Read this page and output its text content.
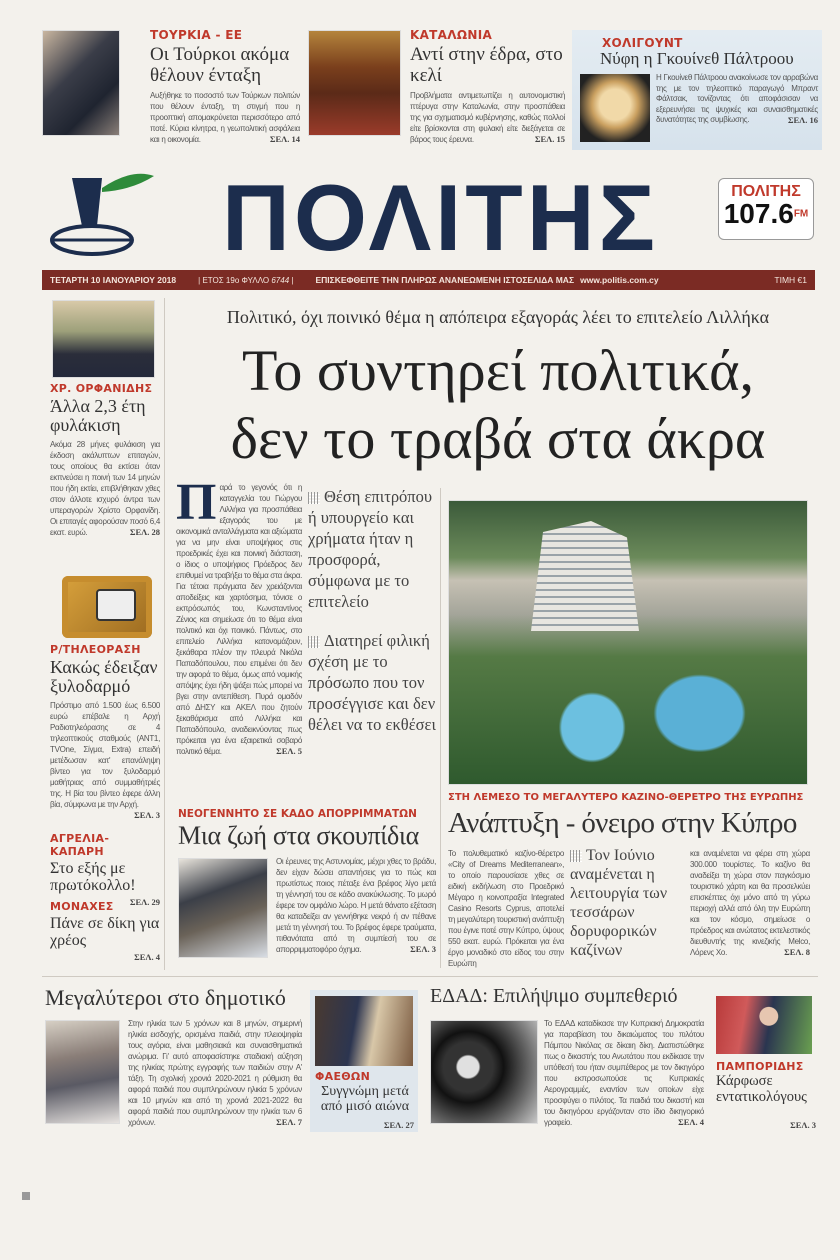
ΤΟΥΡΚΙΑ - ΕΕ
Οι Τούρκοι ακόμα θέλουν ένταξη
Αυξήθηκε το ποσοστό των Τούρκων πολιτών που θέλουν ένταξη, τη στιγμή που η προοπτική απομακρύνεται περισσότερο από ποτέ. Κύρια κίνητρα, η γεωπολιτική ασφάλεια και η οικονομία.	ΣΕΛ. 14
ΚΑΤΑΛΩΝΙΑ
Αντί στην έδρα, στο κελί
Προβλήματα αντιμετωπίζει η αυτονομιστική πτέρυγα στην Καταλωνία, στην προσπάθεια της για σχηματισμό κυβέρνησης, καθώς πολλοί είτε βρίσκονται στη φυλακή είτε διεξάγεται σε βάρος τους έρευνα.	ΣΕΛ. 15
ΧΟΛΙΓΟΥΝΤ
Νύφη η Γκουίνεθ Πάλτροου
Η Γκουίνεθ Πάλτροου ανακοίνωσε τον αρραβώνα της με τον τηλεοπτικό παραγωγό Μπραντ Φάλτσακ, τονίζοντας ότι αποφάσισαν να εξερευνήσει τις ψυχικές και συναισθηματικές δυνατότητες της συμβίωσης.	ΣΕΛ. 16
ΠΟΛΙΤΗΣ	ΠΟΛΙΤΗΣ
$107.6^{FM}$
ΤΕΤΑΡΤΗ 10 ΙΑΝΟΥΑΡΙΟΥ 2018	| ΕΤΟΣ 19ο ΦΥΛΛΟ 6744 |	ΕΠΙΣΚΕΦΘΕΙΤΕ ΤΗΝ ΠΛΗΡΩΣ ΑΝΑΝΕΩΜΕΝΗ ΙΣΤΟΣΕΛΙΔΑ ΜΑΣ www.politis.com.cy	ΤΙΜΗ €1
ΧΡ. ΟΡΦΑΝΙΔΗΣ
Άλλα 2,3 έτη φυλάκιση
Ακόμα 28 μήνες φυλάκιση για έκδοση ακάλυπτων επιταγών, τους οποίους θα εκτίσει όταν εκπνεύσει η ποινή των 14 μηνών που ήδη εκτίει, επιβλήθηκαν χθες στον άλλοτε ισχυρό άντρα των υπεραγορών Χρίστο Ορφανίδη. Οι επιταγές αφορούσαν ποσό 6,4 εκατ. ευρώ.	ΣΕΛ. 28
Ρ/ΤΗΛΕΟΡΑΣΗ
Κακώς έδειξαν ξυλοδαρμό
Πρόστιμο από 1.500 έως 6.500 ευρώ επέβαλε η Αρχή Ραδιοτηλεόρασης σε 4 τηλεοπτικούς σταθμούς (ΑΝΤ1, TVOne, Σίγμα, Extra) επειδή μετέδωσαν κατ' επανάληψη βίντεο για τον ξυλοδαρμό μαθήτριας από συμμαθήτριές της. Η βία του βίντεο έφερε άλλη βία, σύμφωνα με την Αρχή.
ΣΕΛ. 3
ΑΓΡΕΛΙΑ-ΚΑΠΑΡΗ
Στο εξής με πρωτόκολλο!
ΣΕΛ. 29
ΜΟΝΑΧΕΣ
Πάνε σε δίκη για χρέος
ΣΕΛ. 4
Πολιτικό, όχι ποινικό θέμα η απόπειρα εξαγοράς λέει το επιτελείο Λιλλήκα
Το συντηρεί πολιτικά,
δεν το τραβά στα άκρα
Παρά το γεγονός ότι η καταγγελία του Γιώργου Λιλλήκα για προσπάθεια εξαγοράς του με οικονομικά ανταλλάγματα και αξιώματα για να μην είναι υποψήφιος στις προεδρικές έχει και ποινική διάσταση, ο ίδιος ο υποψήφιος Πρόεδρος δεν επιθυμεί να τραβήξει το θέμα στα άκρα. Για τέτοια πράγματα δεν χρειάζονται αποδείξεις και χαρτόσημα, τόνισε ο εκπρόσωπός του, Κωνσταντίνος Ζένιος και σημείωσε ότι το θέμα είναι πολιτικό και όχι ποινικό. Πάντως, στο επιτελείο Λιλλήκα κατονομάζουν, ξεκάθαρα πλέον την πλευρά Νικόλα Παπαδόπουλου, που επιμένει ότι δεν την αφορά το θέμα, όμως από νομικής απόψης έχει ήδη ψάξει πώς μπορεί να βγει στην αντεπίθεση. Πυρά ομαδόν από ΔΗΣΥ και ΑΚΕΛ που ζητούν ξεκαθάρισμα από Λιλλήκα και Παπαδόπουλο, αναδεικνύοντας πως πρόκειται για ένα εξαιρετικά σοβαρό πολιτικό θέμα.	ΣΕΛ. 5
Θέση επιτρόπου ή υπουργείο και χρήματα ήταν η προσφορά, σύμφωνα με το επιτελείο
Διατηρεί φιλική σχέση με το πρόσωπο που τον προσέγγισε και δεν θέλει να το εκθέσει
ΣΤΗ ΛΕΜΕΣΟ ΤΟ ΜΕΓΑΛΥΤΕΡΟ ΚΑΖΙΝΟ-ΘΕΡΕΤΡΟ ΤΗΣ ΕΥΡΩΠΗΣ
Ανάπτυξη - όνειρο στην Κύπρο
Το πολυθεματικό καζίνο-θέρετρο «City of Dreams Mediterranean», το οποίο παρουσίασε χθες σε ειδική εκδήλωση στο Προεδρικό Μέγαρο η κοινοπραξία Integrated Casino Resorts Cyprus, αποτελεί τη μεγαλύτερη τουριστική ανάπτυξη που έγινε ποτέ στην Κύπρο, ύψους 550 εκατ. ευρώ. Πρόκειται για ένα έργο μοναδικό στο είδος του στην Ευρώπη
Τον Ιούνιο αναμένεται η λειτουργία των τεσσάρων δορυφορικών καζίνων
και αναμένεται να φέρει στη χώρα 300.000 τουρίστες. Το καζίνο θα αναδείξει τη χώρα στον παγκόσμιο τουριστικό χάρτη και θα προσελκύει επισκέπτες όχι μόνο από τη γύρω περιοχή αλλά από όλη την Ευρώπη και τον κόσμο, σημείωσε ο πρόεδρος και ανώτατος εκτελεστικός διευθυντής της κινεζικής Melco, Λόρενς Χο.	ΣΕΛ. 8
ΝΕΟΓΕΝΝΗΤΟ ΣΕ ΚΑΔΟ ΑΠΟΡΡΙΜΜΑΤΩΝ
Μια ζωή στα σκουπίδια
Οι έρευνες της Αστυνομίας, μέχρι χθες το βράδυ, δεν είχαν δώσει απαντήσεις για το πώς και πρωτίστως ποιος πέταξε ένα βρέφος λίγο μετά τη γέννησή του σε κάδο ανακύκλωσης. Το μωρό έφερε τον ομφάλιο λώρο. Η μετά θάνατο εξέταση θα καταδείξει αν γεννήθηκε νεκρό ή αν πέθανε μετά τη γέννησή του. Το βρέφος έφερε τραύματα, πιθανότατα από τη συμπίεσή του σε απορριμματοφόρο όχημα.	ΣΕΛ. 3
Μεγαλύτεροι στο δημοτικό
Στην ηλικία των 5 χρόνων και 8 μηνών, σημερινή ηλικία εισδοχής, ορισμένα παιδιά, στην πλειοψηφία τους αγόρια, είναι μαθησιακά και συναισθηματικά ανώριμα. Γι' αυτό αποφασίστηκε σταδιακή αύξηση της ηλικίας πρώτης εγγραφής των παιδιών στην Α' τάξη. Τη σχολική χρονιά 2020-2021 η ρύθμιση θα αφορά παιδιά που συμπληρώνουν ηλικία 5 χρόνων και 10 μηνών και από τη χρονιά 2021-2022 θα αφορά παιδιά που συμπληρώνουν την ηλικία των 6 χρόνων.	ΣΕΛ. 7
ΦΑΕΘΩΝ
Συγγνώμη μετά από μισό αιώνα
ΣΕΛ. 27
ΕΔΑΔ: Επιλήψιμο συμπεθεριό
Το ΕΔΑΔ καταδίκασε την Κυπριακή Δημοκρατία για παραβίαση του δικαιώματος του πιλότου Πάμπου Νικόλας σε δίκαιη δίκη. Διαπιστώθηκε πως ο δικαστής του Ανωτάτου που εκδίκασε την υπόθεσή του ήταν συμπέθερος με τον δικηγόρο που εκπροσωπούσε τις Κυπριακές Αερογραμμές, εναντίον των οποίων είχε προσφύγει ο πιλότος. Τα παιδιά του δικαστή και του δικηγόρου εργάζονταν στο ίδιο δικηγορικό γραφείο.	ΣΕΛ. 4
ΠΑΜΠΟΡΙΔΗΣ
Κάρφωσε εντατικολόγους
ΣΕΛ. 3
